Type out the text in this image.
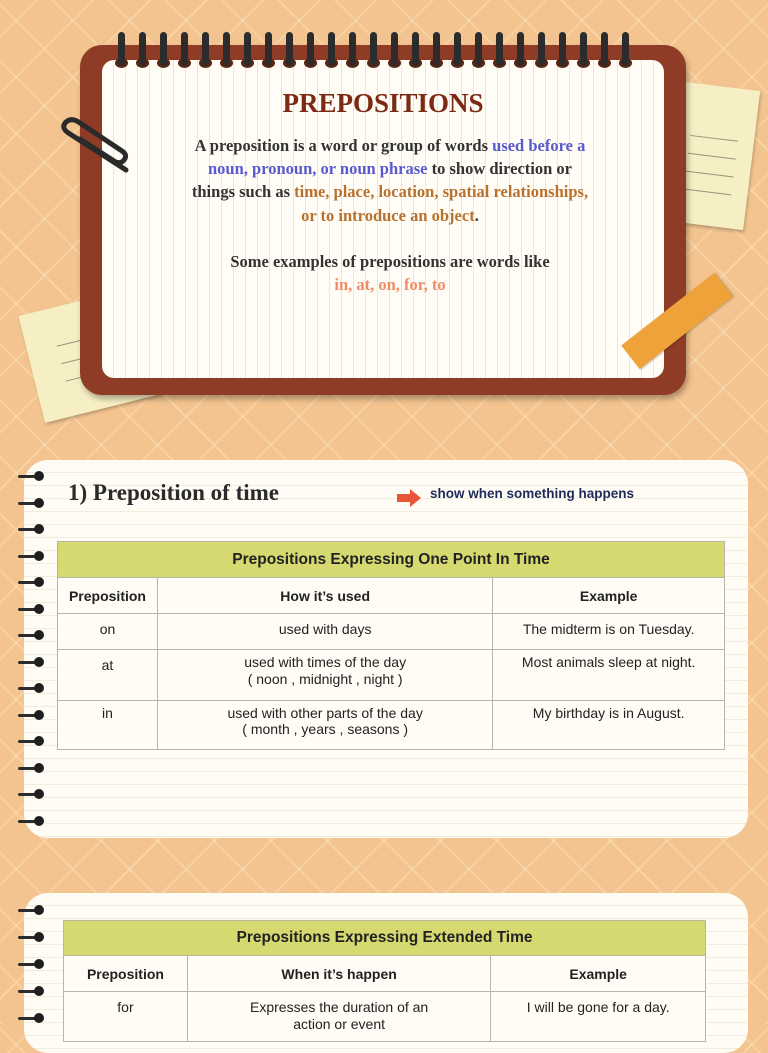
PREPOSITIONS
A preposition is a word or group of words used before a noun, pronoun, or noun phrase to show direction or things such as time, place, location, spatial relationships, or to introduce an object.
Some examples of prepositions are words like
in, at, on, for, to
1) Preposition of time	show when something happens
Prepositions Expressing One Point In Time		
Preposition	How it’s used	Example

on	used with days	The midterm is on Tuesday.

at	used with times of the day
( noon , midnight , night )	Most animals sleep at night.

in	used with other parts of the day
( month , years , seasons )	My birthday is in August.
Prepositions Expressing Extended Time		
Preposition	When it’s happen	Example

for	Expresses the duration of an
action or event	I will be gone for a day.
